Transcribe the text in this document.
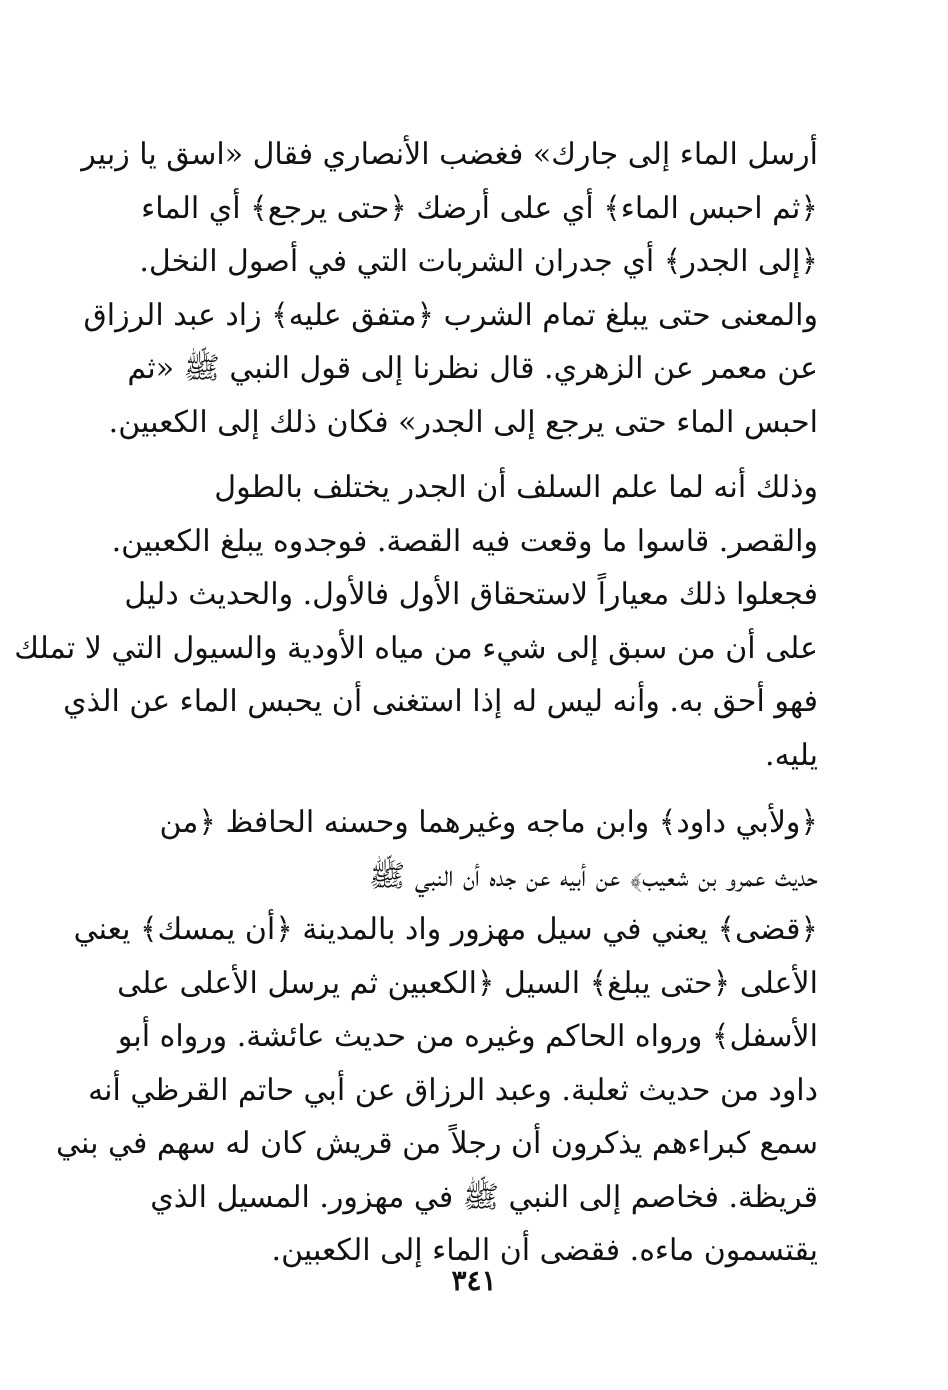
أرسل الماء إلى جارك» فغضب الأنصاري فقال «اسق يا زبير
﴿ثم احبس الماء﴾ أي على أرضك ﴿حتى يرجع﴾ أي الماء
﴿إلى الجدر﴾ أي جدران الشربات التي في أصول النخل.
والمعنى حتى يبلغ تمام الشرب ﴿متفق عليه﴾ زاد عبد الرزاق
عن معمر عن الزهري. قال نظرنا إلى قول النبي ﷺ «ثم
احبس الماء حتى يرجع إلى الجدر» فكان ذلك إلى الكعبين.
وذلك أنه لما علم السلف أن الجدر يختلف بالطول
والقصر. قاسوا ما وقعت فيه القصة. فوجدوه يبلغ الكعبين.
فجعلوا ذلك معياراً لاستحقاق الأول فالأول. والحديث دليل
على أن من سبق إلى شيء من مياه الأودية والسيول التي لا تملك
فهو أحق به. وأنه ليس له إذا استغنى أن يحبس الماء عن الذي
يليه.
﴿ولأبي داود﴾ وابن ماجه وغيرهما وحسنه الحافظ ﴿من
حديث عمرو بن شعيب﴾ عن أبيه عن جده أن النبي ﷺ
﴿قضى﴾ يعني في سيل مهزور واد بالمدينة ﴿أن يمسك﴾ يعني
الأعلى ﴿حتى يبلغ﴾ السيل ﴿الكعبين ثم يرسل الأعلى على
الأسفل﴾ ورواه الحاكم وغيره من حديث عائشة. ورواه أبو
داود من حديث ثعلبة. وعبد الرزاق عن أبي حاتم القرظي أنه
سمع كبراءهم يذكرون أن رجلاً من قريش كان له سهم في بني
قريظة. فخاصم إلى النبي ﷺ في مهزور. المسيل الذي
يقتسمون ماءه. فقضى أن الماء إلى الكعبين.
٣٤١
